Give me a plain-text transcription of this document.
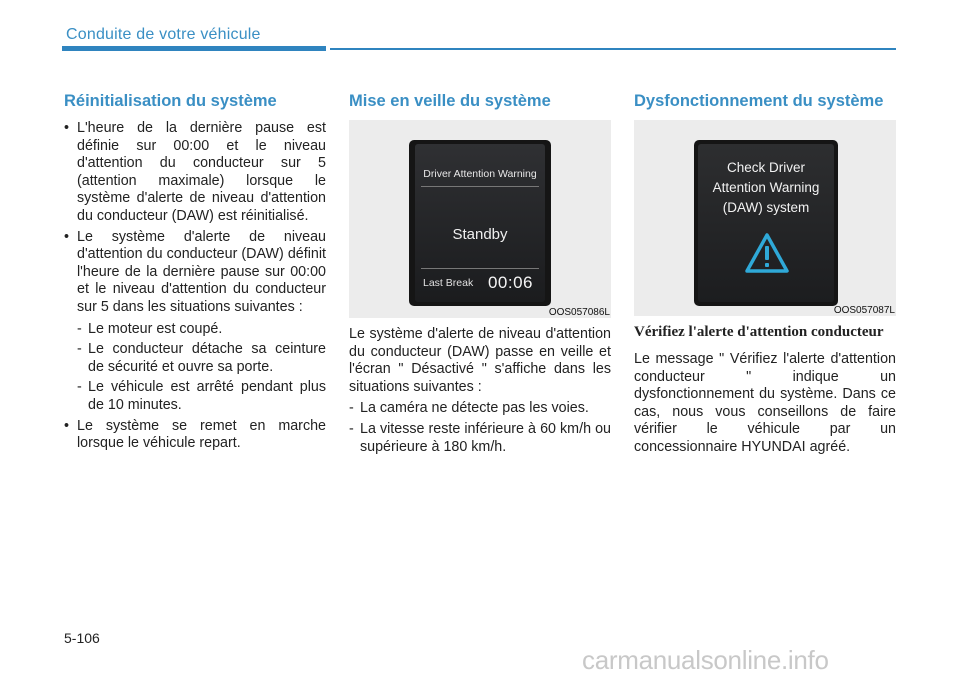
Conduite de votre véhicule
Réinitialisation du système
• L'heure de la dernière pause est définie sur 00:00 et le niveau d'attention du conducteur sur 5 (attention maximale) lorsque le système d'alerte de niveau d'attention du conducteur (DAW) est réinitialisé.
• Le système d'alerte de niveau d'attention du conducteur (DAW) définit l'heure de la dernière pause sur 00:00 et le niveau d'attention du conducteur sur 5 dans les situations suivantes :
- Le moteur est coupé.
- Le conducteur détache sa ceinture de sécurité et ouvre sa porte.
- Le véhicule est arrêté pendant plus de 10 minutes.
• Le système se remet en marche lorsque le véhicule repart.
Mise en veille du système
Driver Attention Warning
Standby
Last Break 00:06
OOS057086L

Le système d'alerte de niveau d'attention du conducteur (DAW) passe en veille et l'écran " Désactivé " s'affiche dans les situations suivantes :

- La caméra ne détecte pas les voies.
- La vitesse reste inférieure à 60 km/h ou supérieure à 180 km/h.
Dysfonctionnement du système
Check Driver
Attention Warning
(DAW) system
OOS057087L
Vérifiez l'alerte d'attention conducteur

Le message " Vérifiez l'alerte d'attention conducteur " indique un dysfonctionnement du système. Dans ce cas, nous vous conseillons de faire vérifier le véhicule par un concessionnaire HYUNDAI agréé.

5-106
carmanualsonline.info
